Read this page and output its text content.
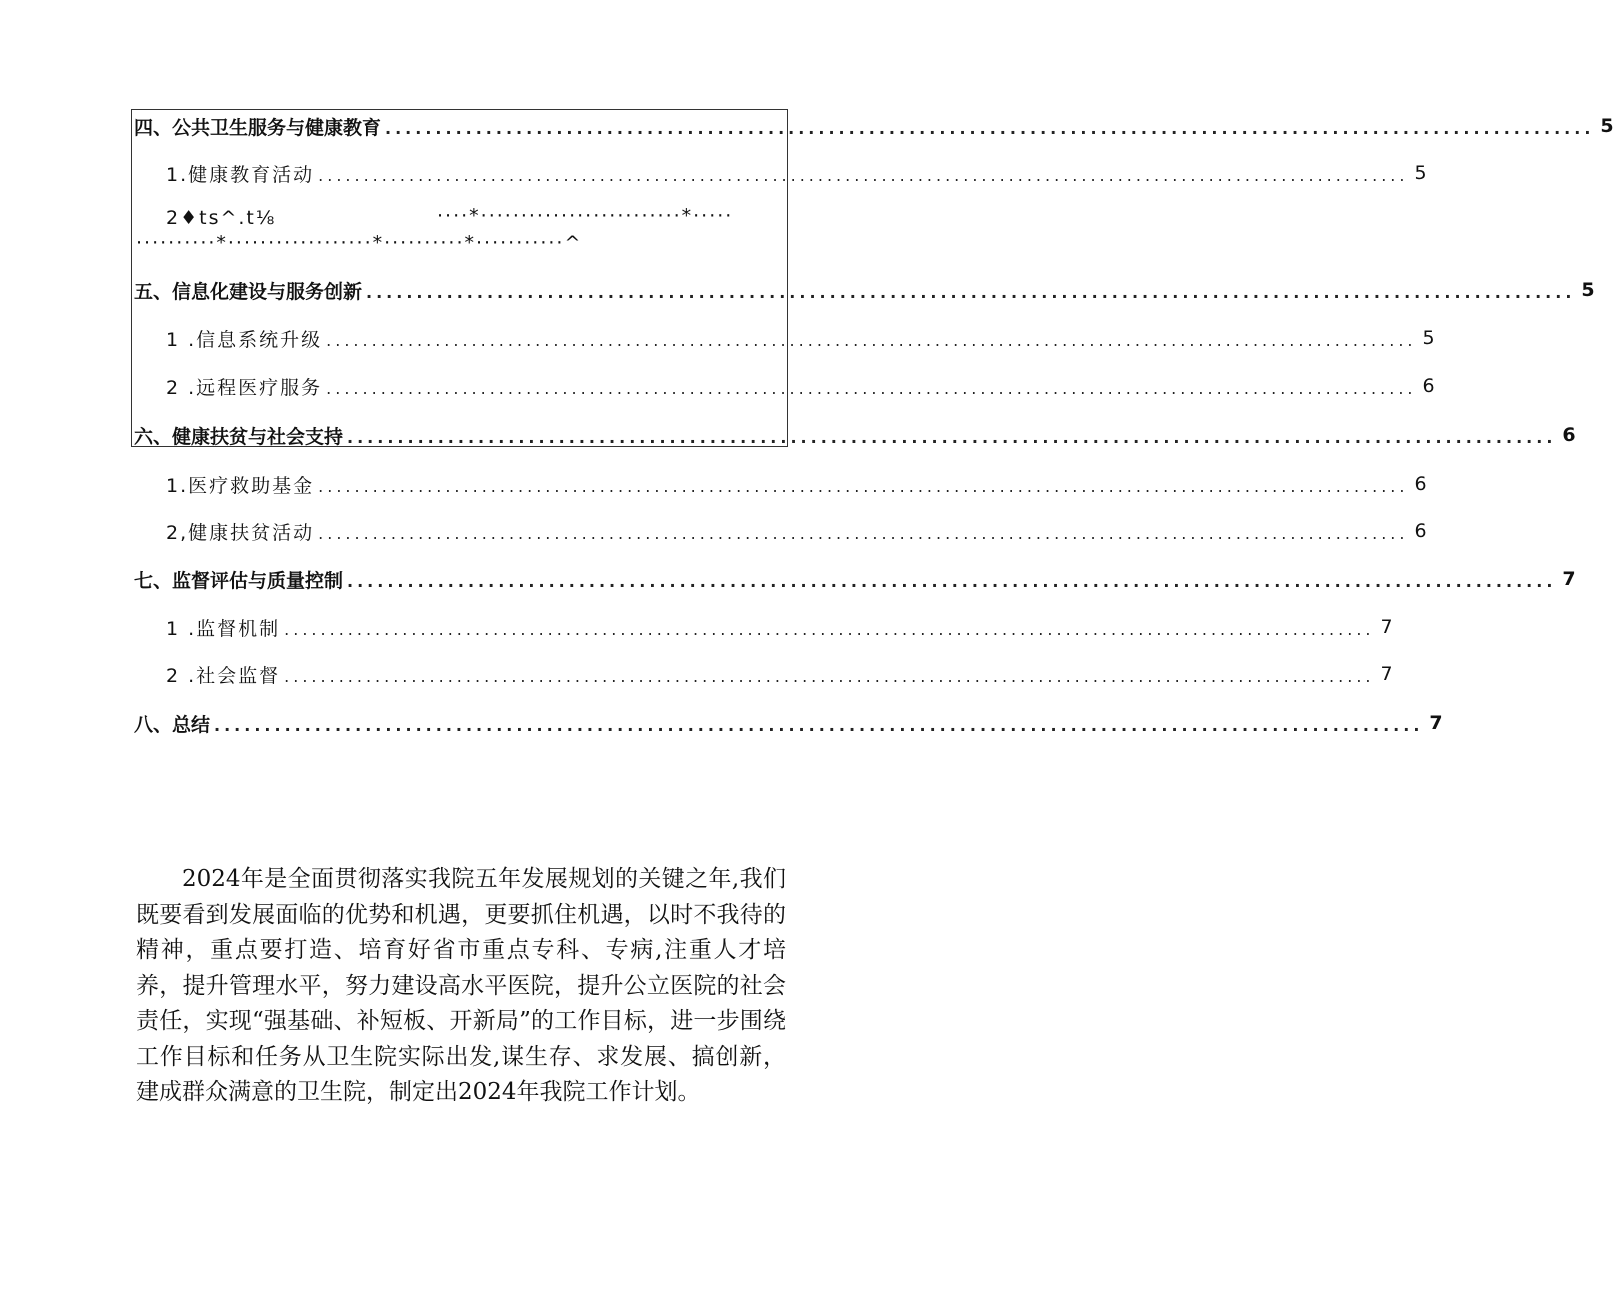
四、公共卫生服务与健康教育 ........................................................................................................................ 5
1.健康教育活动 ........................................................................................................................ 5
2♦ts^.t⅛
五、信息化建设与服务创新 ........................................................................................................................ 5
1 .信息系统升级 ........................................................................................................................ 5
2 .远程医疗服务 ........................................................................................................................ 6
六、健康扶贫与社会支持 ........................................................................................................................ 6
1.医疗救助基金 ........................................................................................................................ 6
2,健康扶贫活动 ........................................................................................................................ 6
七、监督评估与质量控制 ........................................................................................................................ 7
1 .监督机制 ........................................................................................................................ 7
2 .社会监督 ........................................................................................................................ 7
八、总结 ........................................................................................................................ 7
····*·························*·····
··········*··················*··········*···········^

2024年是全面贯彻落实我院五年发展规划的关键之年,我们既要看到发展面临的优势和机遇，更要抓住机遇，以时不我待的精神，重点要打造、培育好省市重点专科、专病,注重人才培养，提升管理水平，努力建设高水平医院，提升公立医院的社会责任，实现“强基础、补短板、开新局”的工作目标，进一步围绕工作目标和任务从卫生院实际出发,谋生存、求发展、搞创新，建成群众满意的卫生院，制定出2024年我院工作计划。
